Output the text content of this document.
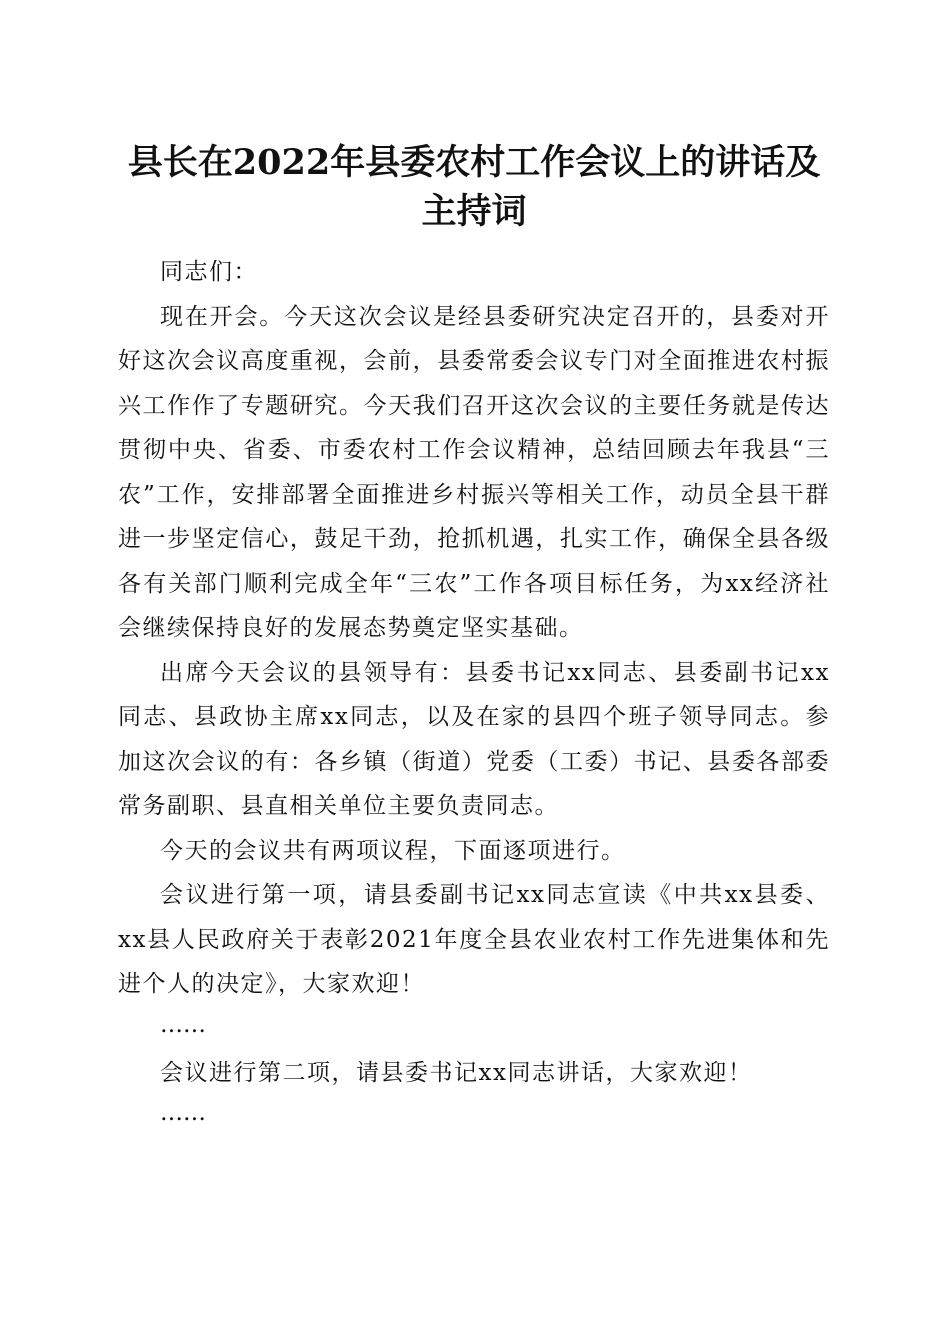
县长在2022年县委农村工作会议上的讲话及主持词

同志们：

现在开会。今天这次会议是经县委研究决定召开的，县委对开好这次会议高度重视，会前，县委常委会议专门对全面推进农村振兴工作作了专题研究。今天我们召开这次会议的主要任务就是传达贯彻中央、省委、市委农村工作会议精神，总结回顾去年我县“三农”工作，安排部署全面推进乡村振兴等相关工作，动员全县干群进一步坚定信心，鼓足干劲，抢抓机遇，扎实工作，确保全县各级各有关部门顺利完成全年“三农”工作各项目标任务，为xx经济社会继续保持良好的发展态势奠定坚实基础。

出席今天会议的县领导有：县委书记xx同志、县委副书记xx同志、县政协主席xx同志，以及在家的县四个班子领导同志。参加这次会议的有：各乡镇（街道）党委（工委）书记、县委各部委常务副职、县直相关单位主要负责同志。

今天的会议共有两项议程，下面逐项进行。

会议进行第一项，请县委副书记xx同志宣读《中共xx县委、xx县人民政府关于表彰2021年度全县农业农村工作先进集体和先进个人的决定》，大家欢迎！

……

会议进行第二项，请县委书记xx同志讲话，大家欢迎！

……
